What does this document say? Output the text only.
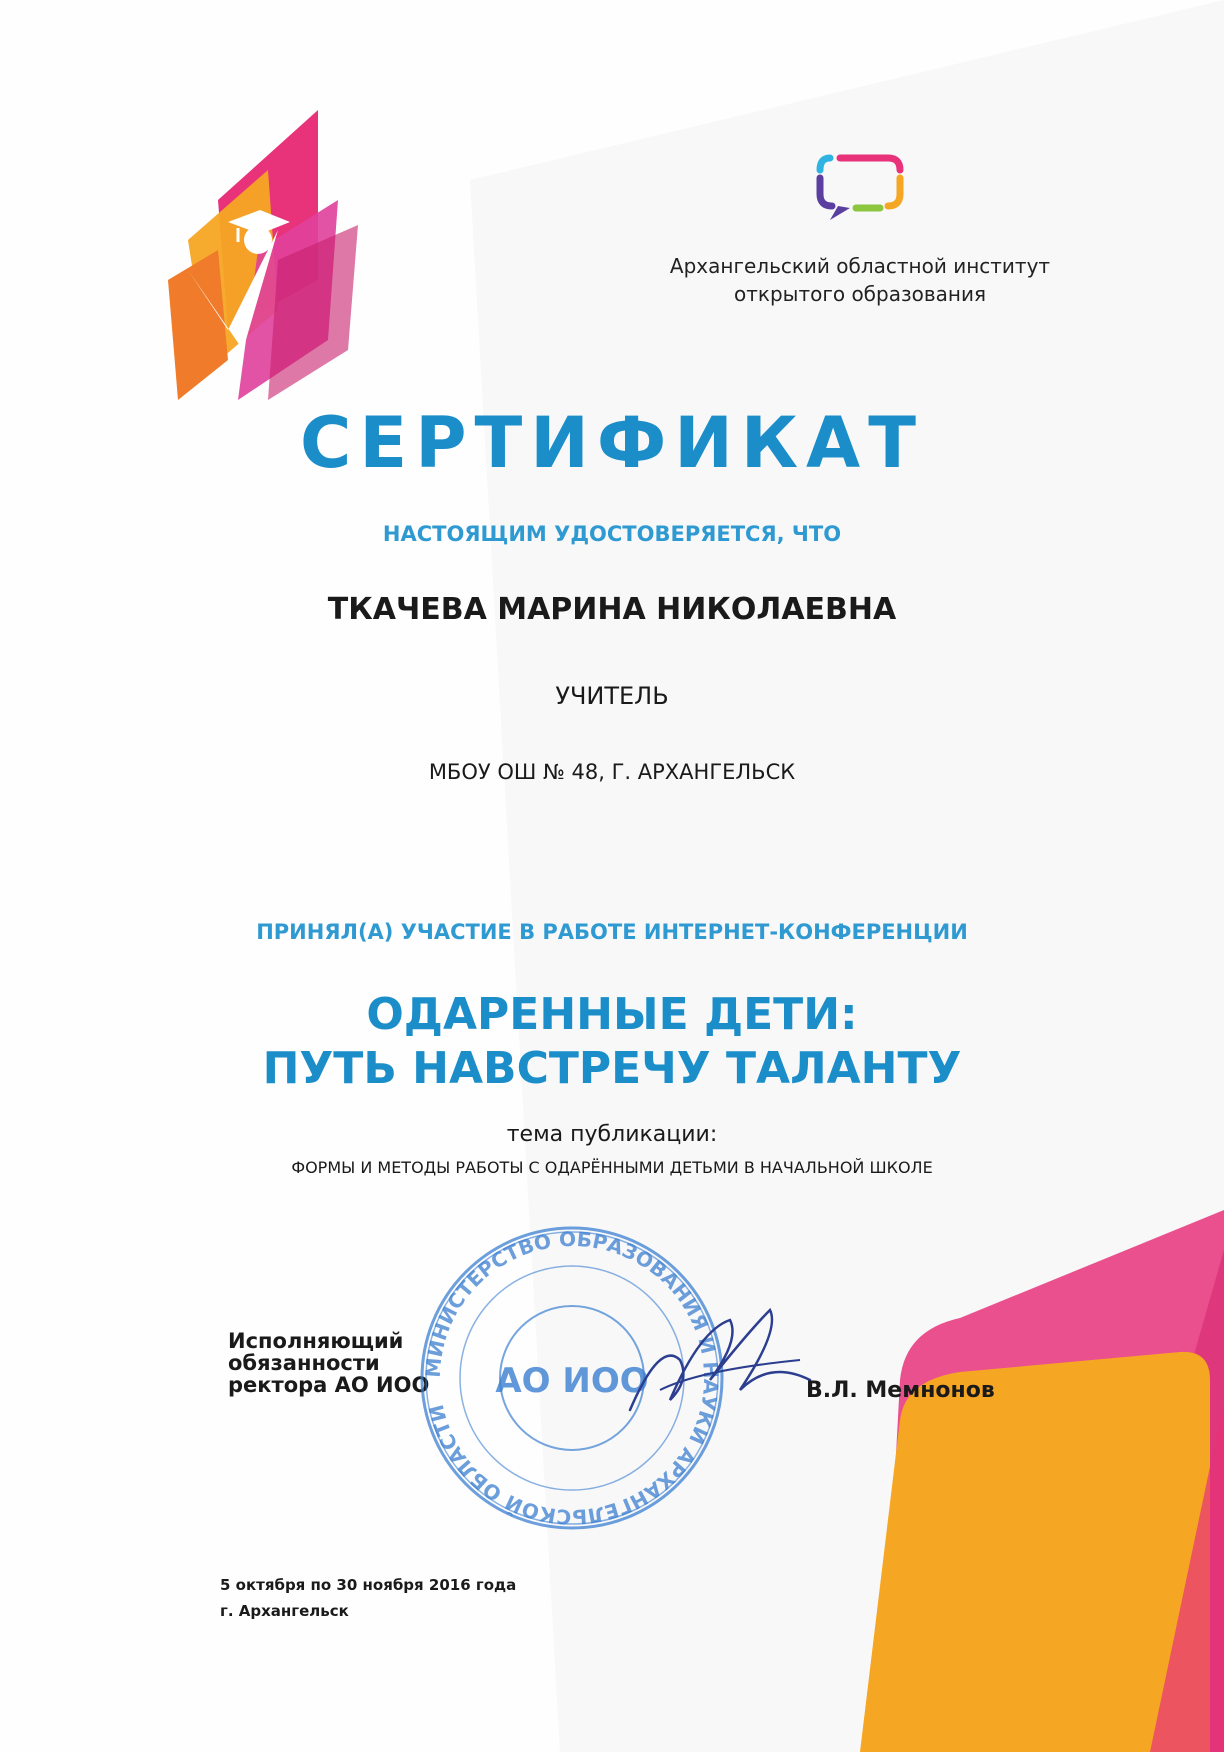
Архангельский областной институт
открытого образования
СЕРТИФИКАТ
НАСТОЯЩИМ УДОСТОВЕРЯЕТСЯ, ЧТО
ТКАЧЕВА МАРИНА НИКОЛАЕВНА
УЧИТЕЛЬ
МБОУ ОШ № 48, Г. АРХАНГЕЛЬСК
ПРИНЯЛ(А) УЧАСТИЕ В РАБОТЕ ИНТЕРНЕТ-КОНФЕРЕНЦИИ
ОДАРЕННЫЕ ДЕТИ:
ПУТЬ НАВСТРЕЧУ ТАЛАНТУ
тема публикации:
ФОРМЫ И МЕТОДЫ РАБОТЫ С ОДАРЁННЫМИ ДЕТЬМИ В НАЧАЛЬНОЙ ШКОЛЕ
Исполняющий
обязанности
ректора АО ИОО
МИНИСТЕРСТВО ОБРАЗОВАНИЯ И НАУКИ АРХАНГЕЛЬСКОЙ ОБЛАСТИ
АО ИОО	В.Л. Мемнонов
5 октября по 30 ноября 2016 года
г. Архангельск
